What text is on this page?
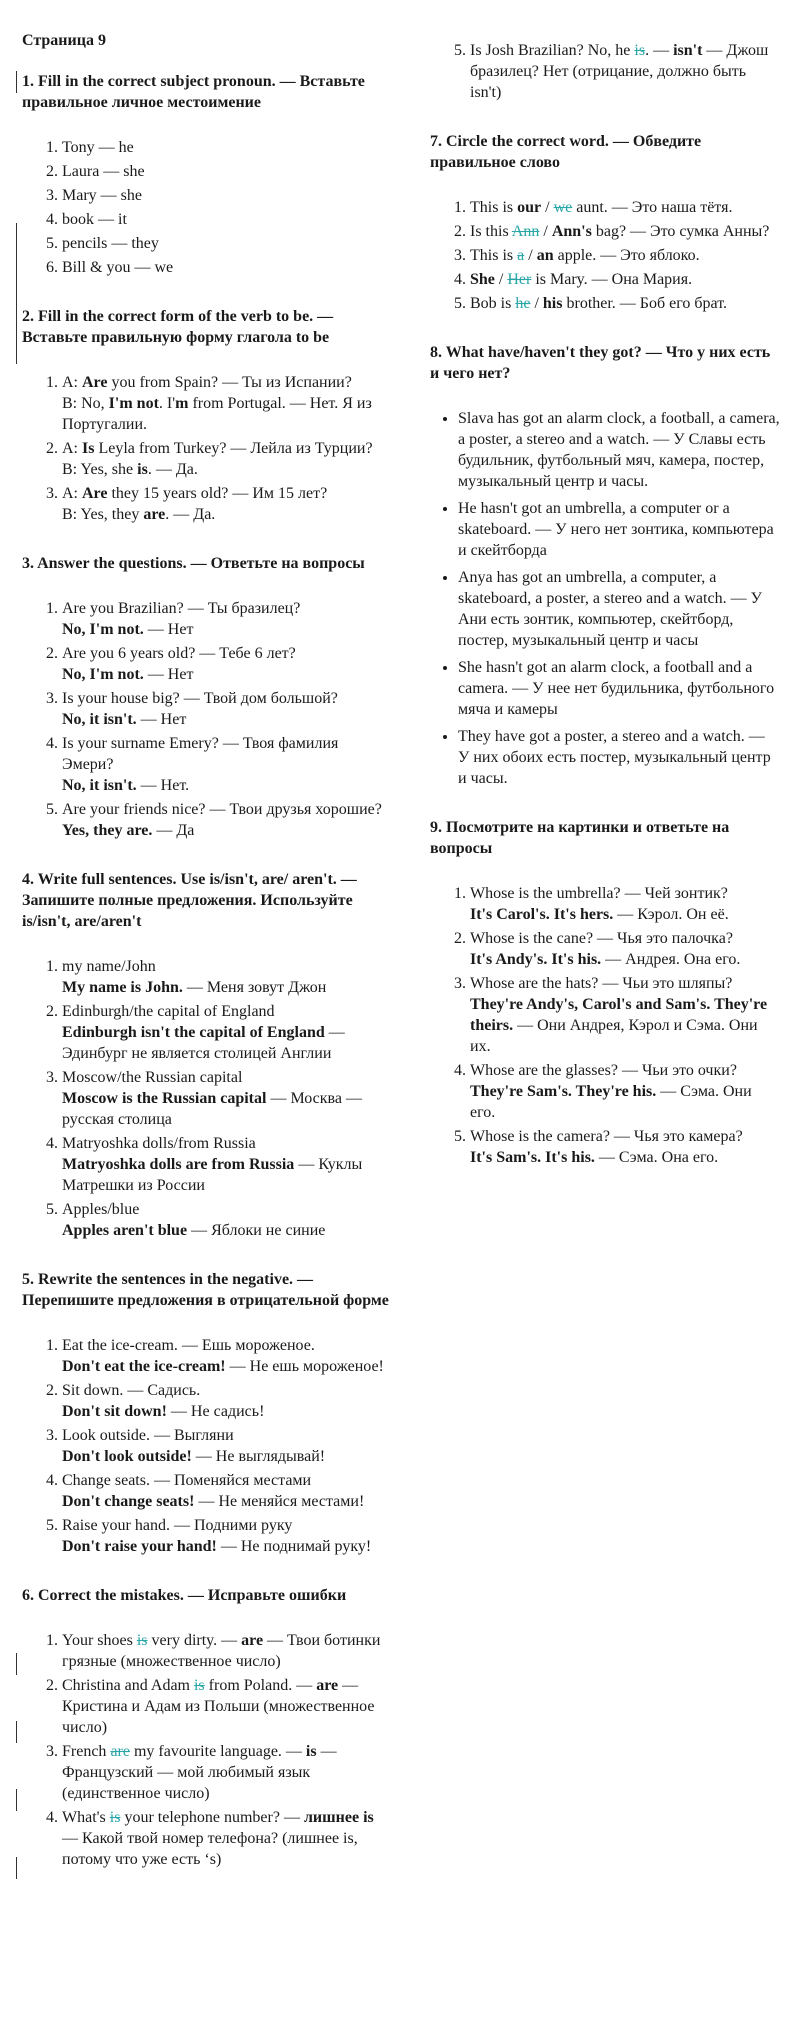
Страница 9
1. Fill in the correct subject pronoun. — Вставьте правильное личное местоимение
1. Tony — he
2. Laura — she
3. Mary — she
4. book — it
5. pencils — they
6. Bill & you — we
2. Fill in the correct form of the verb to be. — Вставьте правильную форму глагола to be
1. A: Are you from Spain? — Ты из Испании?
B: No, I'm not. I'm from Portugal. — Нет. Я из Португалии.
2. A: Is Leyla from Turkey? — Лейла из Турции?
B: Yes, she is. — Да.
3. A: Are they 15 years old? — Им 15 лет?
B: Yes, they are. — Да.
3. Answer the questions. — Ответьте на вопросы
1. Are you Brazilian? — Ты бразилец?
No, I'm not. — Нет
2. Are you 6 years old? — Тебе 6 лет?
No, I'm not. — Нет
3. Is your house big? — Твой дом большой?
No, it isn't. — Нет
4. Is your surname Emery? — Твоя фамилия Эмери?
No, it isn't. — Нет.
5. Are your friends nice? — Твои друзья хорошие?
Yes, they are. — Да
4. Write full sentences. Use is/isn't, are/ aren't. — Запишите полные предложения. Используйте is/isn't, are/aren't
1. my name/John
My name is John. — Меня зовут Джон
2. Edinburgh/the capital of England
Edinburgh isn't the capital of England — Эдинбург не является столицей Англии
3. Moscow/the Russian capital
Moscow is the Russian capital — Москва — русская столица
4. Matryoshka dolls/from Russia
Matryoshka dolls are from Russia — Куклы Матрешки из России
5. Apples/blue
Apples aren't blue — Яблоки не синие
5. Rewrite the sentences in the negative. — Перепишите предложения в отрицательной форме
1. Eat the ice-cream. — Ешь мороженое.
Don't eat the ice-cream! — Не ешь мороженое!
2. Sit down. — Садись.
Don't sit down! — Не садись!
3. Look outside. — Выгляни
Don't look outside! — Не выглядывай!
4. Change seats. — Поменяйся местами
Don't change seats! — Не меняйся местами!
5. Raise your hand. — Подними руку
Don't raise your hand! — Не поднимай руку!
6. Correct the mistakes. — Исправьте ошибки
1. Your shoes is very dirty. — are — Твои ботинки грязные (множественное число)
2. Christina and Adam is from Poland. — are — Кристина и Адам из Польши (множественное число)
3. French are my favourite language. — is — Французский — мой любимый язык (единственное число)
4. What's is your telephone number? — лишнее is — Какой твой номер телефона? (лишнее is, потому что уже есть ‘s)
5. Is Josh Brazilian? No, he is. — isn't — Джош бразилец? Нет (отрицание, должно быть isn't)
7. Circle the correct word. — Обведите правильное слово
1. This is our / we aunt. — Это наша тётя.
2. Is this Ann / Ann's bag? — Это сумка Анны?
3. This is a / an apple. — Это яблоко.
4. She / Her is Mary. — Она Мария.
5. Bob is he / his brother. — Боб его брат.
8. What have/haven't they got? — Что у них есть и чего нет?
• Slava has got an alarm clock, a football, a camera, a poster, a stereo and a watch. — У Славы есть будильник, футбольный мяч, камера, постер, музыкальный центр и часы.
• He hasn't got an umbrella, a computer or a skateboard. — У него нет зонтика, компьютера и скейтборда
• Anya has got an umbrella, a computer, a skateboard, a poster, a stereo and a watch. — У Ани есть зонтик, компьютер, скейтборд, постер, музыкальный центр и часы
• She hasn't got an alarm clock, a football and a camera. — У нее нет будильника, футбольного мяча и камеры
• They have got a poster, a stereo and a watch. — У них обоих есть постер, музыкальный центр и часы.
9. Посмотрите на картинки и ответьте на вопросы
1. Whose is the umbrella? — Чей зонтик?
It's Carol's. It's hers. — Кэрол. Он её.
2. Whose is the cane? — Чья это палочка?
It's Andy's. It's his. — Андрея. Она его.
3. Whose are the hats? — Чьи это шляпы?
They're Andy's, Carol's and Sam's. They're theirs. — Они Андрея, Кэрол и Сэма. Они их.
4. Whose are the glasses? — Чьи это очки?
They're Sam's. They're his. — Сэма. Они его.
5. Whose is the camera? — Чья это камера?
It's Sam's. It's his. — Сэма. Она его.
